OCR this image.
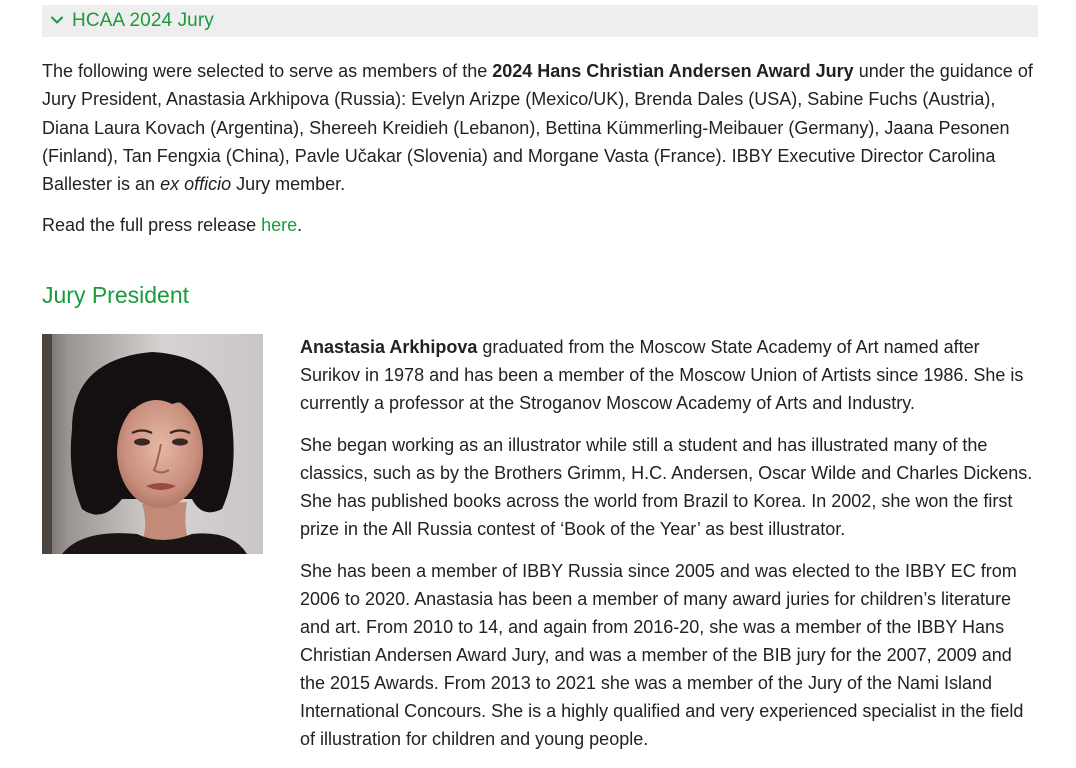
HCAA 2024 Jury

The following were selected to serve as members of the 2024 Hans Christian Andersen Award Jury under the guidance of Jury President, Anastasia Arkhipova (Russia): Evelyn Arizpe (Mexico/UK), Brenda Dales (USA), Sabine Fuchs (Austria), Diana Laura Kovach (Argentina), Shereeh Kreidieh (Lebanon), Bettina Kümmerling-Meibauer (Germany), Jaana Pesonen (Finland), Tan Fengxia (China), Pavle Učakar (Slovenia) and Morgane Vasta (France). IBBY Executive Director Carolina Ballester is an ex officio Jury member.

Read the full press release here.

Jury President

Anastasia Arkhipova graduated from the Moscow State Academy of Art named after Surikov in 1978 and has been a member of the Moscow Union of Artists since 1986. She is currently a professor at the Stroganov Moscow Academy of Arts and Industry.

She began working as an illustrator while still a student and has illustrated many of the classics, such as by the Brothers Grimm, H.C. Andersen, Oscar Wilde and Charles Dickens. She has published books across the world from Brazil to Korea. In 2002, she won the first prize in the All Russia contest of ‘Book of the Year’ as best illustrator.

She has been a member of IBBY Russia since 2005 and was elected to the IBBY EC from 2006 to 2020. Anastasia has been a member of many award juries for children’s literature and art. From 2010 to 14, and again from 2016-20, she was a member of the IBBY Hans Christian Andersen Award Jury, and was a member of the BIB jury for the 2007, 2009 and the 2015 Awards. From 2013 to 2021 she was a member of the Jury of the Nami Island International Concours. She is a highly qualified and very experienced specialist in the field of illustration for children and young people.
